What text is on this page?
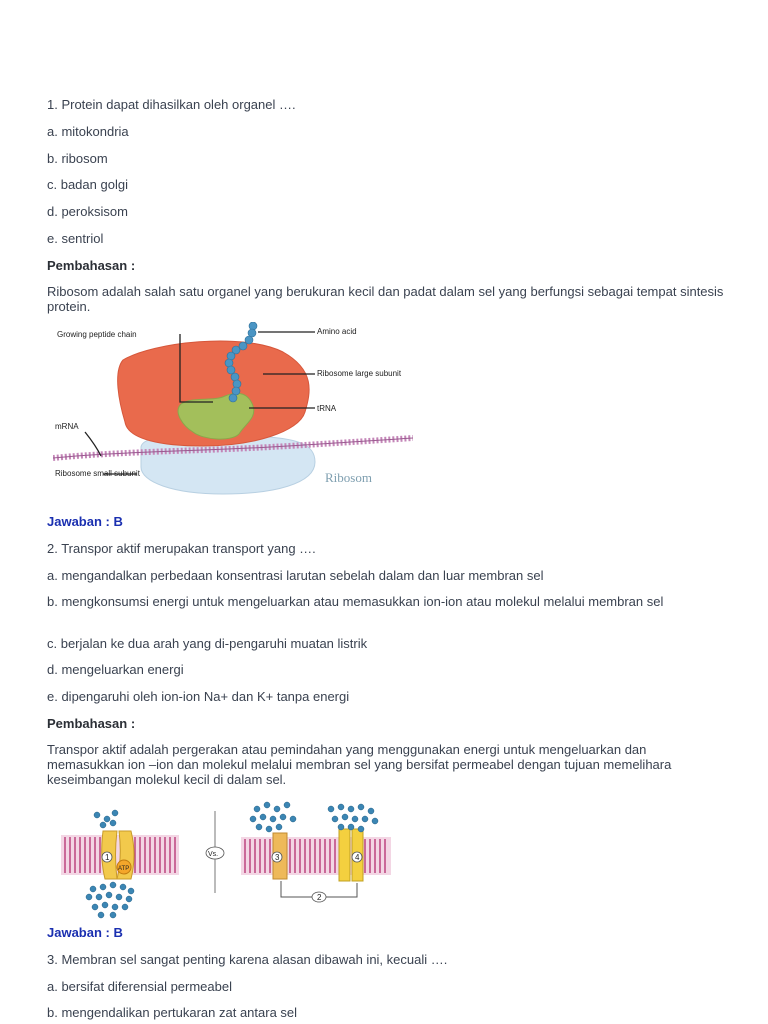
1. Protein dapat dihasilkan oleh organel ….

a. mitokondria

b. ribosom

c. badan golgi

d. peroksisom

e. sentriol

Pembahasan :

Ribosom adalah salah satu organel yang berukuran kecil dan padat dalam sel yang berfungsi sebagai tempat sintesis protein.

Growing peptide chain	Amino acid
Ribosome large subunit
tRNA
mRNA
Ribosome small subunit	Ribosom

Jawaban : B

2. Transpor aktif merupakan transport yang ….

a. mengandalkan perbedaan konsentrasi larutan sebelah dalam dan luar membran sel

b. mengkonsumsi energi untuk mengeluarkan atau memasukkan ion-ion atau molekul melalui membran sel

c. berjalan ke dua arah yang di-pengaruhi muatan listrik

d. mengeluarkan energi

e. dipengaruhi oleh ion-ion Na+ dan K+ tanpa energi

Pembahasan :

Transpor aktif adalah pergerakan atau pemindahan yang menggunakan energi untuk mengeluarkan dan memasukkan ion –ion dan molekul melalui membran sel yang bersifat permeabel dengan tujuan memelihara keseimbangan molekul kecil di dalam sel.

1
ATP
Vs.	3	4
2

Jawaban : B

3. Membran sel sangat penting karena alasan dibawah ini, kecuali ….

a. bersifat diferensial permeabel

b. mengendalikan pertukaran zat antara sel
